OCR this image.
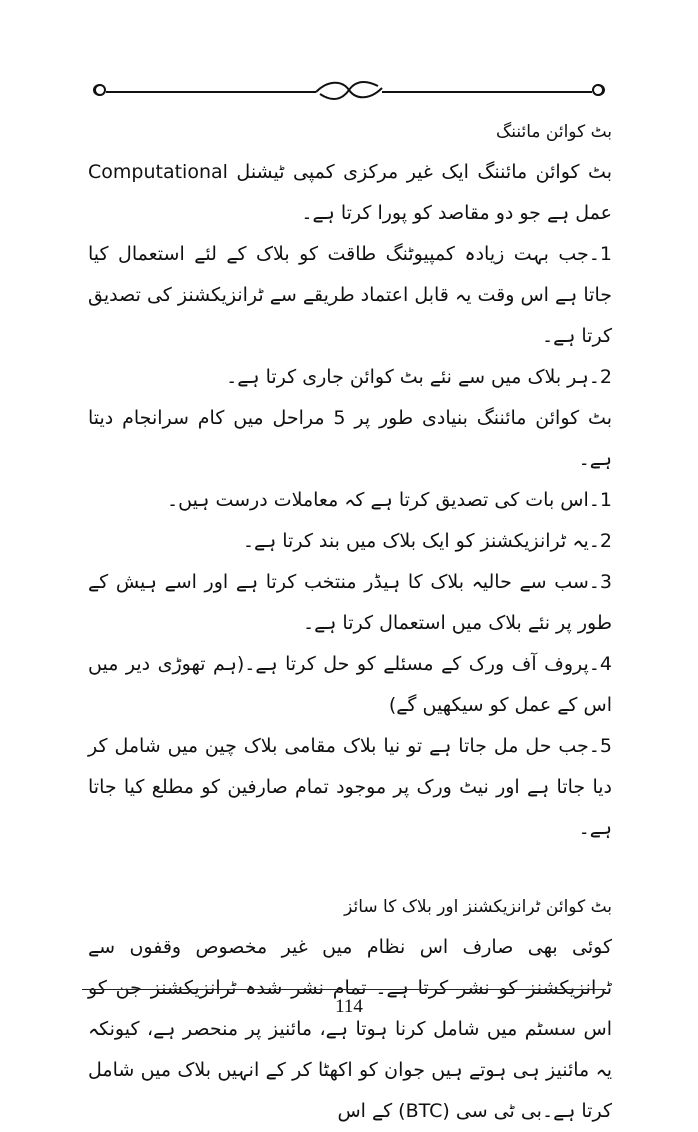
بٹ کوائن مائننگ

بٹ کوائن مائننگ ایک غیر مرکزی کمپی ٹیشنل Computational عمل ہے جو دو مقاصد کو پورا کرتا ہے۔

1۔جب بہت زیادہ کمپیوٹنگ طاقت کو بلاک کے لئے استعمال کیا جاتا ہے اس وقت یہ قابل اعتماد طریقے سے ٹرانزیکشنز کی تصدیق کرتا ہے۔

2۔ہر بلاک میں سے نئے بٹ کوائن جاری کرتا ہے۔

بٹ کوائن مائننگ بنیادی طور پر 5 مراحل میں کام سرانجام دیتا ہے۔

1۔اس بات کی تصدیق کرتا ہے کہ معاملات درست ہیں۔

2۔یہ ٹرانزیکشنز کو ایک بلاک میں بند کرتا ہے۔

3۔سب سے حالیہ بلاک کا ہیڈر منتخب کرتا ہے اور اسے ہیش کے طور پر نئے بلاک میں استعمال کرتا ہے۔

4۔پروف آف ورک کے مسئلے کو حل کرتا ہے۔(ہم تھوڑی دیر میں اس کے عمل کو سیکھیں گے)

5۔جب حل مل جاتا ہے تو نیا بلاک مقامی بلاک چین میں شامل کر دیا جاتا ہے اور نیٹ ورک پر موجود تمام صارفین کو مطلع کیا جاتا ہے۔

بٹ کوائن ٹرانزیکشنز اور بلاک کا سائز

کوئی بھی صارف اس نظام میں غیر مخصوص وقفوں سے ٹرانزیکشنز کو نشر کرتا ہے۔ تمام نشر شدہ ٹرانزیکشنز جن کو اس سسٹم میں شامل کرنا ہوتا ہے، مائنیز پر منحصر ہے، کیونکہ یہ مائنیز ہی ہوتے ہیں جوان کو اکھٹا کر کے انہیں بلاک میں شامل کرتا ہے۔بی ٹی سی (BTC) کے اس

114
